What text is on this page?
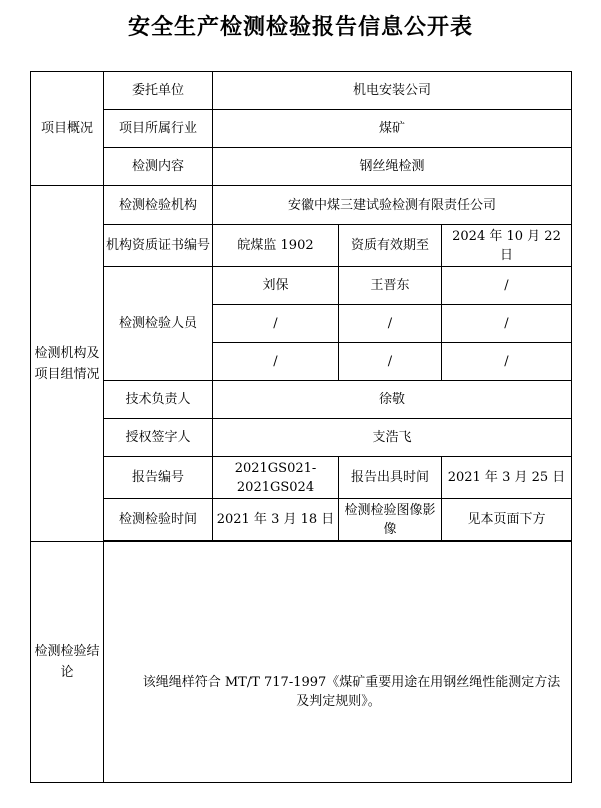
安全生产检测检验报告信息公开表
项目概况	委托单位	机电安装公司		
	项目所属行业	煤矿		
	检测内容	钢丝绳检测		
检测机构及项目组情况	检测检验机构	安徽中煤三建试验检测有限责任公司		
	机构资质证书编号	皖煤监 1902	资质有效期至	2024 年 10 月 22 日
	检测检验人员	刘保	王晋东	/
		/	/	/
		/	/	/
	技术负责人	徐敬		
	授权签字人	支浩飞		
	报告编号	2021GS021-2021GS024	报告出具时间	2021 年 3 月 25 日
	检测检验时间	2021 年 3 月 18 日	检测检验图像影像	见本页面下方

检测检验结论	该绳绳样符合 MT/T 717-1997《煤矿重要用途在用钢丝绳性能测定方法及判定规则》。			
